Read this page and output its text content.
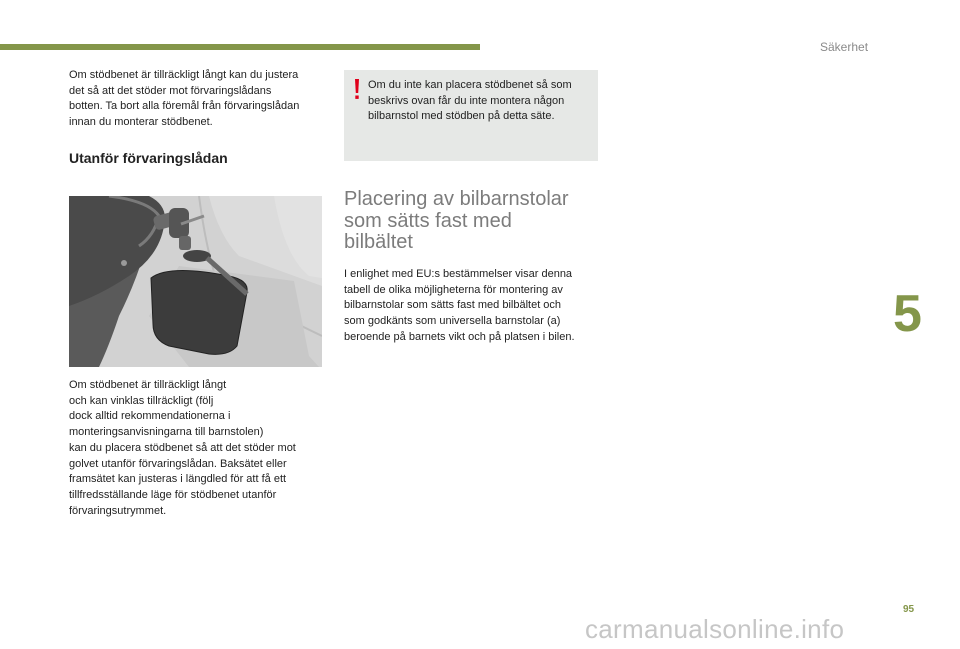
Säkerhet
5

Om stödbenet är tillräckligt långt kan du justera
det så att det stöder mot förvaringslådans
botten. Ta bort alla föremål från förvaringslådan
innan du monterar stödbenet.

Utanför förvaringslådan

Om stödbenet är tillräckligt långt
och kan vinklas tillräckligt (följ
dock alltid rekommendationerna i
monteringsanvisningarna till barnstolen)
kan du placera stödbenet så att det stöder mot
golvet utanför förvaringslådan. Baksätet eller
framsätet kan justeras i längdled för att få ett
tillfredsställande läge för stödbenet utanför
förvaringsutrymmet.

Om du inte kan placera stödbenet så som
beskrivs ovan får du inte montera någon
bilbarnstol med stödben på detta säte.

Placering av bilbarnstolar
som sätts fast med
bilbältet

I enlighet med EU:s bestämmelser visar denna
tabell de olika möjligheterna för montering av
bilbarnstolar som sätts fast med bilbältet och
som godkänts som universella barnstolar (a)
beroende på barnets vikt och på platsen i bilen.

95
carmanualsonline.info
